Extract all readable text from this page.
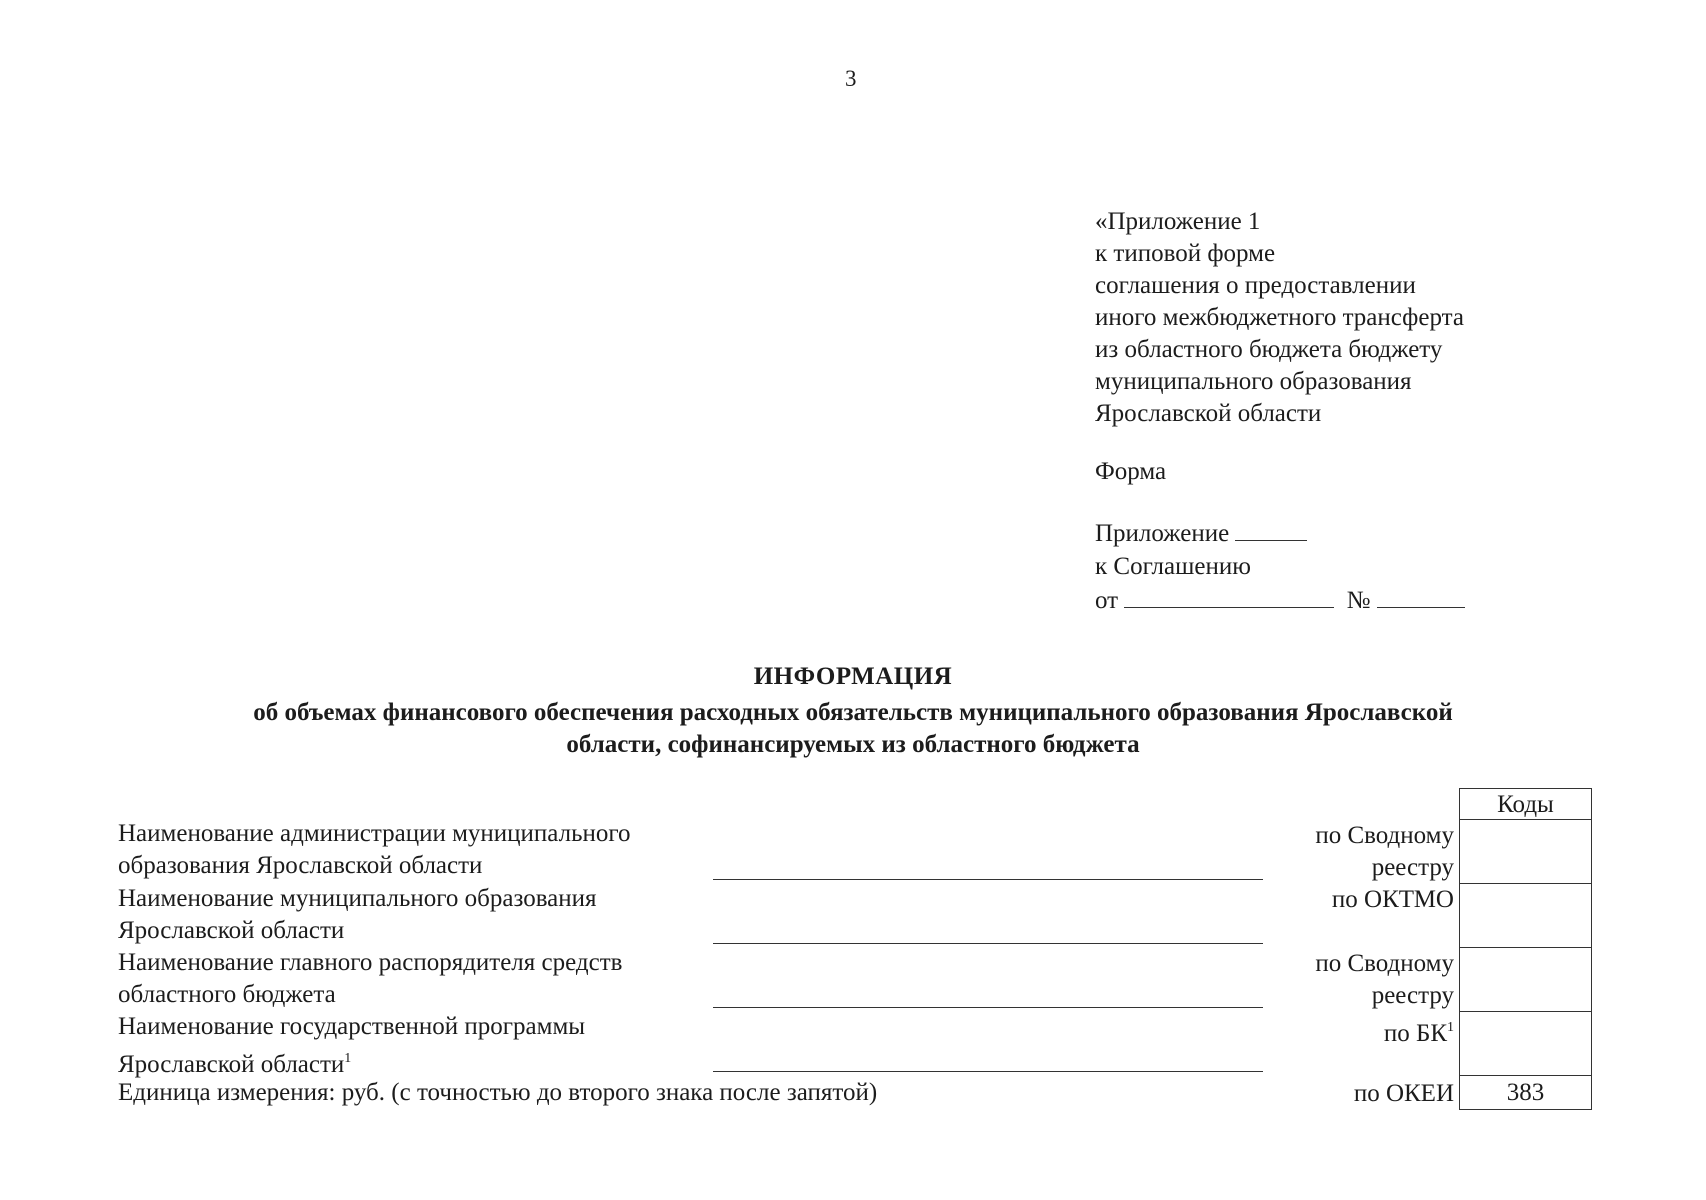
3
«Приложение 1
к типовой форме
соглашения о предоставлении
иного межбюджетного трансферта
из областного бюджета бюджету
муниципального образования
Ярославской области
Форма
Приложение
к Соглашению
от	№
ИНФОРМАЦИЯ
об объемах финансового обеспечения расходных обязательств муниципального образования Ярославской
области, софинансируемых из областного бюджета
Коды
383
Наименование администрации муниципального
образования Ярославской области
по Сводному
реестру
Наименование муниципального образования
Ярославской области
по ОКТМО
Наименование главного распорядителя средств
областного бюджета
по Сводному
реестру
Наименование государственной программы
Ярославской области$^1$
по $БК^1$
Единица измерения: руб. (с точностью до второго знака после запятой)	по ОКЕИ
